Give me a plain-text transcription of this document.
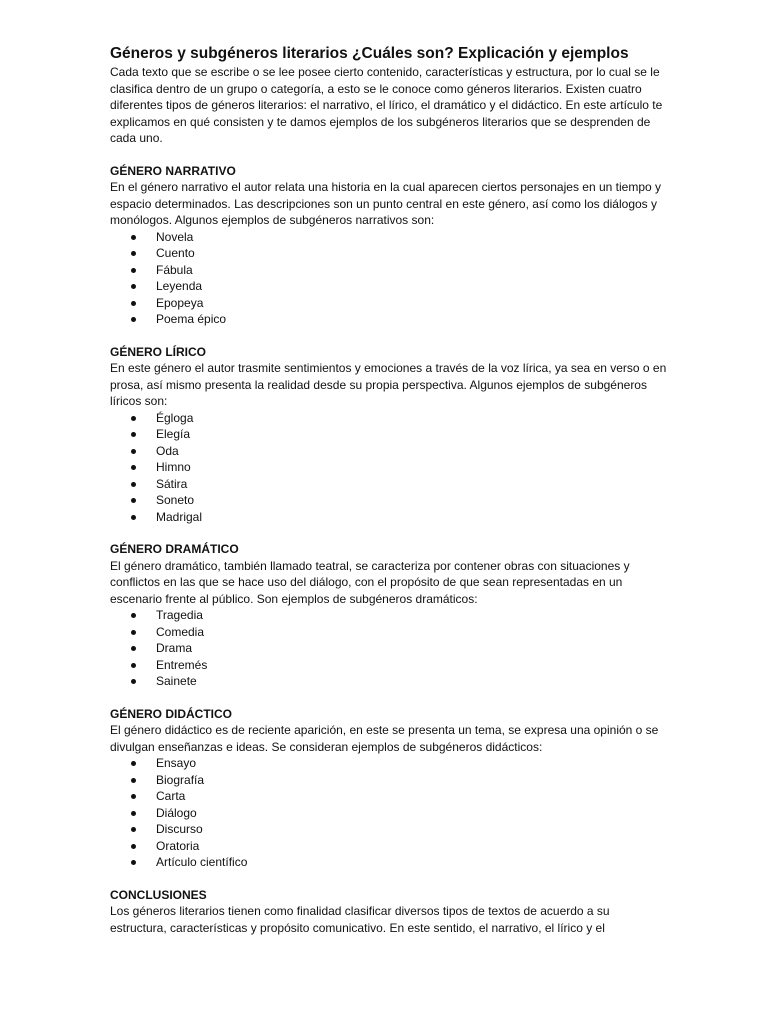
Géneros y subgéneros literarios ¿Cuáles son? Explicación y ejemplos

Cada texto que se escribe o se lee posee cierto contenido, características y estructura, por lo cual se le clasifica dentro de un grupo o categoría, a esto se le conoce como géneros literarios. Existen cuatro diferentes tipos de géneros literarios: el narrativo, el lírico, el dramático y el didáctico. En este artículo te explicamos en qué consisten y te damos ejemplos de los subgéneros literarios que se desprenden de cada uno.

GÉNERO NARRATIVO

En el género narrativo el autor relata una historia en la cual aparecen ciertos personajes en un tiempo y espacio determinados. Las descripciones son un punto central en este género, así como los diálogos y monólogos. Algunos ejemplos de subgéneros narrativos son:

Novela
Cuento
Fábula
Leyenda
Epopeya
Poema épico

GÉNERO LÍRICO

En este género el autor trasmite sentimientos y emociones a través de la voz lírica, ya sea en verso o en prosa, así mismo presenta la realidad desde su propia perspectiva. Algunos ejemplos de subgéneros líricos son:

Égloga
Elegía
Oda
Himno
Sátira
Soneto
Madrigal

GÉNERO DRAMÁTICO

El género dramático, también llamado teatral, se caracteriza por contener obras con situaciones y conflictos en las que se hace uso del diálogo, con el propósito de que sean representadas en un escenario frente al público. Son ejemplos de subgéneros dramáticos:

Tragedia
Comedia
Drama
Entremés
Sainete

GÉNERO DIDÁCTICO

El género didáctico es de reciente aparición, en este se presenta un tema, se expresa una opinión o se divulgan enseñanzas e ideas. Se consideran ejemplos de subgéneros didácticos:

Ensayo
Biografía
Carta
Diálogo
Discurso
Oratoria
Artículo científico

CONCLUSIONES

Los géneros literarios tienen como finalidad clasificar diversos tipos de textos de acuerdo a su estructura, características y propósito comunicativo. En este sentido, el narrativo, el lírico y el
